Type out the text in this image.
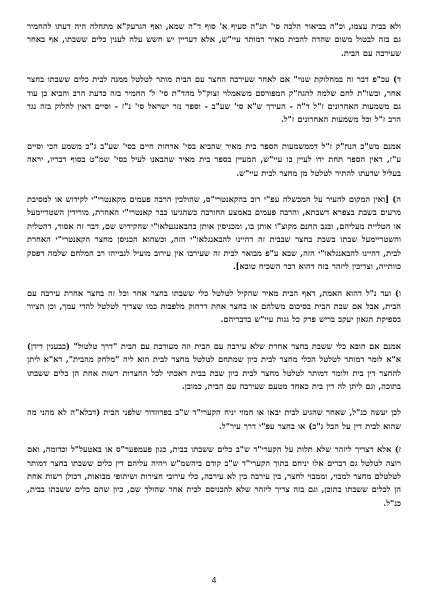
ולא בבית עצמו, וכ"ה בביאור הלכה סי' תנ"ה סעיף א' סוף ד"ה שמא, ואף הגרעק"א מתחלה היה דעתו להחמיר גם בזה לבטול משום שהדה להבית מאיר דמותר עיי"ש, אלא דעדיין יש חשש עלה לענין כלים ששבתו, אף באחר שעירבה עם הבית.

ד) עכ"פ דבר זה במחלוקת שנוי" אם לאחר שעירבה החצר עם הבית מותר לטלטל ממנה לבית כלים ששבתו בחצר אחר, ובשו"ת לחם שלמה להגה"ק המפורסם משאמלוי זצוק"ל מהד"ת סי' ל' החמיר בזה כדעת הרב והביא כן עוד גם משמעות האחרונים ז"ל ד"ה - העירך ש"א סי' שע"ב - וספר נזר ישראל סי' נ"ז - וסיים דאין לחלוק בזה נגד הרב ז"ל וכל משמעות האחרונים ז"ל.

אמנם מש"כ הנח"ק ז"ל דממשמעות הספר בית מאיר שהביא בסי' ארחות חיים בסי' שע"ב ג"כ משמע הכי וסיים ע"ז, דאין הספר תחת ידו לעיין בו עיי"ש, המעיין בספר בית מאיר שהבאנו לעיל בסי' שמ"ט בסוף דבריו, יראה בעליל שדעתו להתיר לטלטל מן מחצר לבית עיי"ש.

ה) [ואין המקום להעיר על המכשלה עפ"י רוב בהקאנטרי"ס, שהולכין הרבה פעמים מקאנטרי"י לקידוש או למסיבת מרעים בשבת בצפרא דשבתא, והרבה פעמים באמצע החורבה כשהגיעו כבר קאנטרי"י האחרת, מורידין השטריימעל או הטליית מעליהם, ובגב החנם מקוצ"ו אותן בו, ומכניסין אותן בהבאנגעלאו"י שהקידוש שם, דבר זה אסור, דהטלית והשטריימעל שבתו בשבת בחצר שבבית זה דהיינו להבאנגלאו"י הזה, וכשהוא הכניסן מחצר הקאנטרי"י האחרת לבית, דהיינו להבאנגלאו"י הזה, שבא ע"פ מבואר לבית זה שעירבו אין עירוב מועיל לגבייהו רב המלחם שלמה דפסק כוותייה, וצריכין ליזהר בזה דהוא דבר השכיח טובא].

ו) ועד נ"ל דהוא האמת, דאף הבית מאיר שהקיל לטלטל כלי ששבתו בחצר אחר וכל זה בחצר אחרת עירבה עם הבית, אבל אם שבת הבית בסיכום משלהם או בחצר אחת דרחוק מלפבות כמו שצריך לטלטל להדי עמך, וכן הציור בספיקת הגאון יעקב בריש פרק כל גגות עיי"ש בדבריהם.

אמנם אם הובא כלי ששבת בחצר אחרת שלא עירבה עם הבית וזה מעורבת עם הבית "דרך טלטול" (כבענין דידן) א"א לומר דמותר לטלטל הכלי מחצר לבית כיון שמתחם לטלטל מחצר לבית הוא ליה "מלחק מהבית", דא"א ליתן להחצר דין בית ולומר דמותר לטלטל מחצר לבית כיון שבת בבית דאכתי לכל החצרות רשות אחת הן כלים ששבתו בתוכה, וגם ליתן לה דין בית כאחד מטעם שעירבה עם הבית, כמובן.

לכן יעשה כנ"ל, שאחר שהגיע לבית יבאו או חמוי יניח הקערי"ד ש"ב בפרוזדור שלפני הבית (דבלא"ה לא מהני מה שהוא לבית דין על הכל ג"כ) או בחצר עפ"י דרך עיר"ל.

ז) אלא דצריך ליזהר שלא תלות על הקערי"ד ש"ב כלים ששבתו בבית, כגון פעמפער"ס או באטעל"ל וכדומה, ואם רוצה לטלטל גם דברים אלו יניחם בתוך הקערי"ד ש"ב קודם ביהשמ"ש ויהיה עליהם דין כלים ששבתו בחצר דמותר לטלטלם מחצר למבוי, וממבוי לחצר, בין עירבה בין לא עירבה, כלי עירובי חצירות ושיתופי מבואות, דכולן רשות אחת הן לכלים ששבתו בתוכן, וגם בזה צריך ליזהר שלא להכניסם לבית אחר שהולך שם, כיון שהם כלים ששבתו בבית, כנ"ל.

4
